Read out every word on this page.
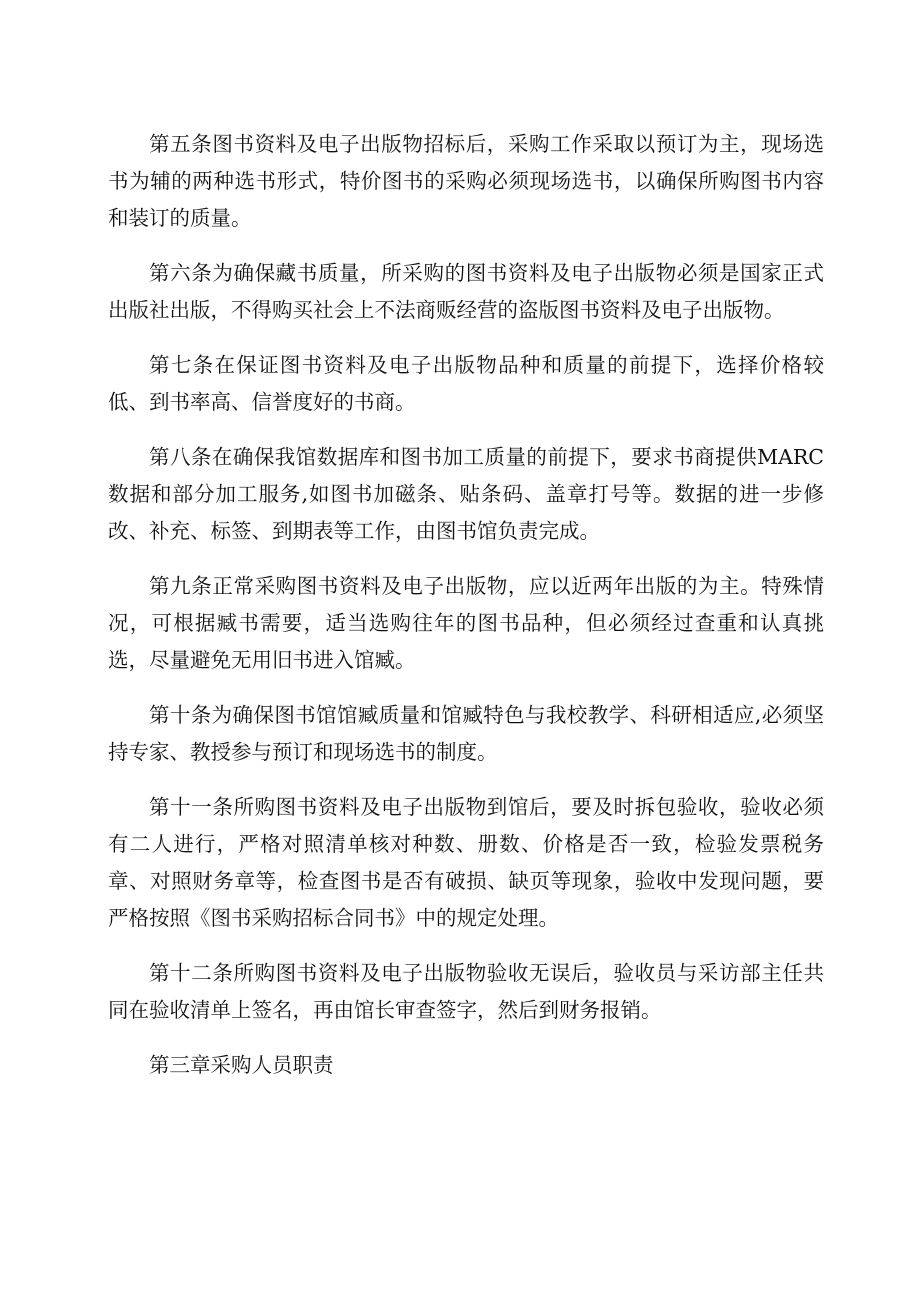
第五条图书资料及电子出版物招标后，采购工作采取以预订为主，现场选书为辅的两种选书形式，特价图书的采购必须现场选书，以确保所购图书内容和装订的质量。

第六条为确保藏书质量，所采购的图书资料及电子出版物必须是国家正式出版社出版，不得购买社会上不法商贩经营的盗版图书资料及电子出版物。

第七条在保证图书资料及电子出版物品种和质量的前提下，选择价格较低、到书率高、信誉度好的书商。

第八条在确保我馆数据库和图书加工质量的前提下，要求书商提供MARC数据和部分加工服务,如图书加磁条、贴条码、盖章打号等。数据的进一步修改、补充、标签、到期表等工作，由图书馆负责完成。

第九条正常采购图书资料及电子出版物，应以近两年出版的为主。特殊情况，可根据臧书需要，适当选购往年的图书品种，但必须经过查重和认真挑选，尽量避免无用旧书进入馆臧。

第十条为确保图书馆馆臧质量和馆臧特色与我校教学、科研相适应,必须坚持专家、教授参与预订和现场选书的制度。

第十一条所购图书资料及电子出版物到馆后，要及时拆包验收，验收必须有二人进行，严格对照清单核对种数、册数、价格是否一致，检验发票税务章、对照财务章等，检查图书是否有破损、缺页等现象，验收中发现问题，要严格按照《图书采购招标合同书》中的规定处理。

第十二条所购图书资料及电子出版物验收无误后，验收员与采访部主任共同在验收清单上签名，再由馆长审查签字，然后到财务报销。

第三章采购人员职责
